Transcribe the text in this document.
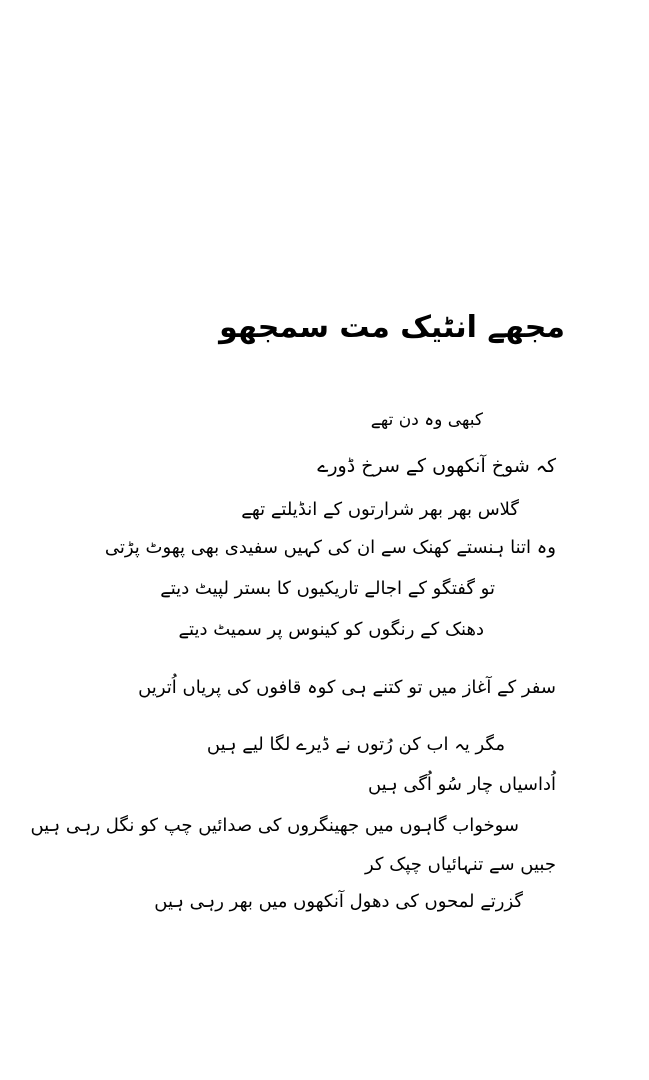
مجھے انٹیک مت سمجھو
کبھی وہ دن تھے
کہ شوخ آنکھوں کے سرخ ڈورے
گلاس بھر بھر شرارتوں کے انڈیلتے تھے
وہ اتنا ہنستے کھنک سے ان کی کہیں سفیدی بھی پھوٹ پڑتی
تو گفتگو کے اجالے تاریکیوں کا بستر لپیٹ دیتے
دھنک کے رنگوں کو کینوس پر سمیٹ دیتے
سفر کے آغاز میں تو کتنے ہی کوہ قافوں کی پریاں اُتریں
مگر یہ اب کن رُتوں نے ڈیرے لگا لیے ہیں
اُداسیاں چار سُو اُگی ہیں
سوخواب گاہوں میں جھینگروں کی صدائیں چپ کو نگل رہی ہیں
جبیں سے تنہائیاں چپک کر
گزرتے لمحوں کی دھول آنکھوں میں بھر رہی ہیں
